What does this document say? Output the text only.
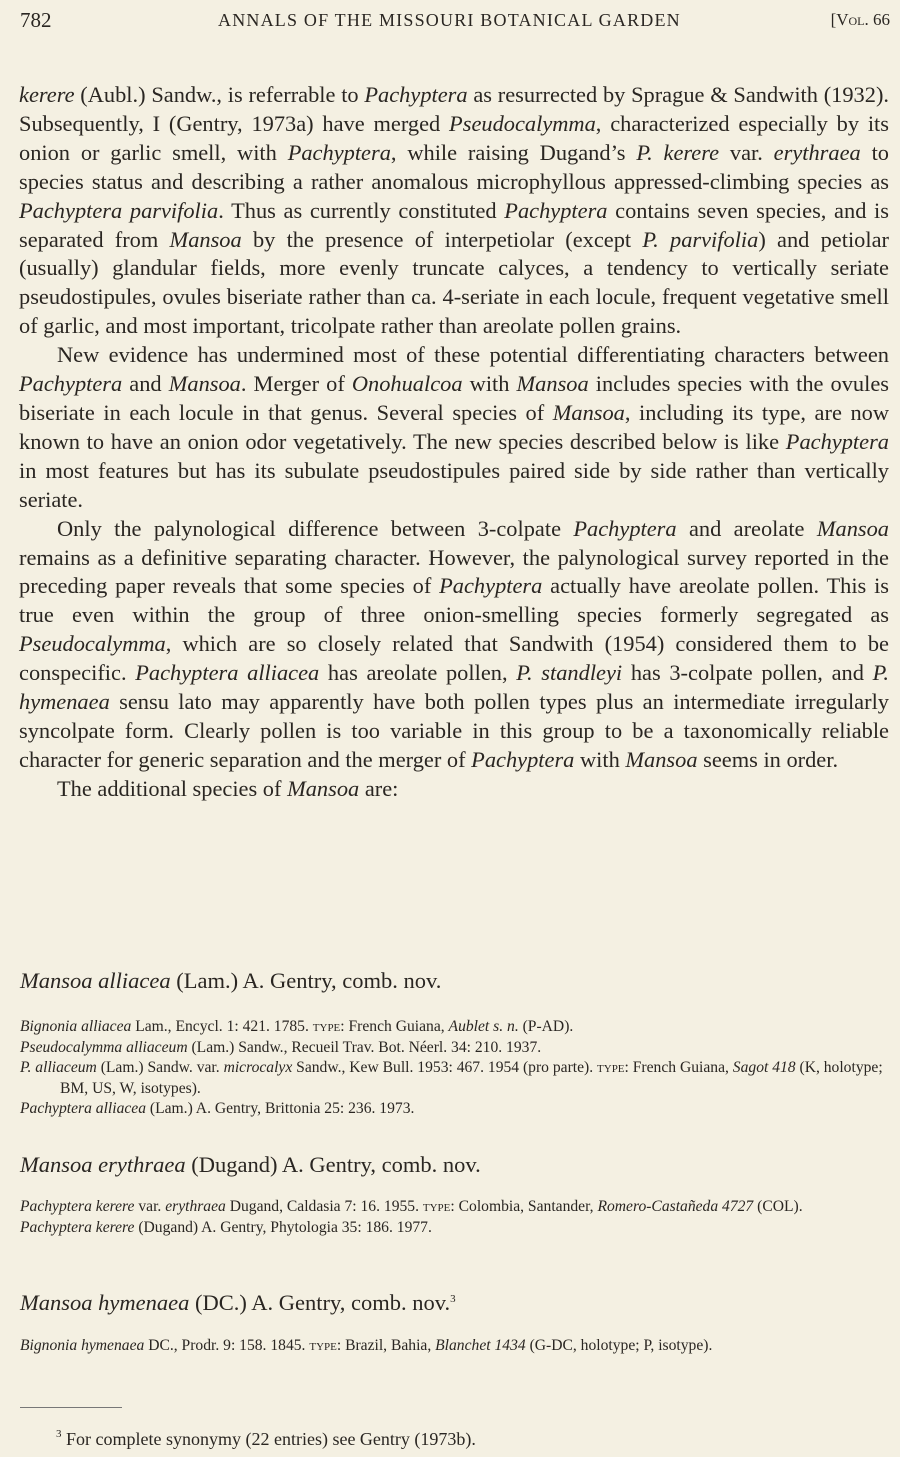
782	ANNALS OF THE MISSOURI BOTANICAL GARDEN	[Vol. 66

kerere (Aubl.) Sandw., is referrable to Pachyptera as resurrected by Sprague & Sandwith (1932). Subsequently, I (Gentry, 1973a) have merged Pseudocalymma, characterized especially by its onion or garlic smell, with Pachyptera, while raising Dugand’s P. kerere var. erythraea to species status and describing a rather anomalous microphyllous appressed-climbing species as Pachyptera parvifolia. Thus as currently constituted Pachyptera contains seven species, and is separated from Mansoa by the presence of interpetiolar (except P. parvifolia) and petiolar (usually) glandular fields, more evenly truncate calyces, a tendency to vertically seriate pseudostipules, ovules biseriate rather than ca. 4-seriate in each locule, frequent vegetative smell of garlic, and most important, tricolpate rather than areolate pollen grains.

New evidence has undermined most of these potential differentiating characters between Pachyptera and Mansoa. Merger of Onohualcoa with Mansoa includes species with the ovules biseriate in each locule in that genus. Several species of Mansoa, including its type, are now known to have an onion odor vegetatively. The new species described below is like Pachyptera in most features but has its subulate pseudostipules paired side by side rather than vertically seriate.

Only the palynological difference between 3-colpate Pachyptera and areolate Mansoa remains as a definitive separating character. However, the palynological survey reported in the preceding paper reveals that some species of Pachyptera actually have areolate pollen. This is true even within the group of three onion-smelling species formerly segregated as Pseudocalymma, which are so closely related that Sandwith (1954) considered them to be conspecific. Pachyptera alliacea has areolate pollen, P. standleyi has 3-colpate pollen, and P. hymenaea sensu lato may apparently have both pollen types plus an intermediate irregularly syncolpate form. Clearly pollen is too variable in this group to be a taxonomically reliable character for generic separation and the merger of Pachyptera with Mansoa seems in order.

The additional species of Mansoa are:

Mansoa alliacea (Lam.) A. Gentry, comb. nov.
Bignonia alliacea Lam., Encycl. 1: 421. 1785. type: French Guiana, Aublet s. n. (P-AD).
Pseudocalymma alliaceum (Lam.) Sandw., Recueil Trav. Bot. Néerl. 34: 210. 1937.
P. alliaceum (Lam.) Sandw. var. microcalyx Sandw., Kew Bull. 1953: 467. 1954 (pro parte). type: French Guiana, Sagot 418 (K, holotype; BM, US, W, isotypes).
Pachyptera alliacea (Lam.) A. Gentry, Brittonia 25: 236. 1973.
Mansoa erythraea (Dugand) A. Gentry, comb. nov.
Pachyptera kerere var. erythraea Dugand, Caldasia 7: 16. 1955. type: Colombia, Santander, Romero-Castañeda 4727 (COL).
Pachyptera kerere (Dugand) A. Gentry, Phytologia 35: 186. 1977.
Mansoa hymenaea (DC.) A. Gentry, comb. nov.$^3$
Bignonia hymenaea DC., Prodr. 9: 158. 1845. type: Brazil, Bahia, Blanchet 1434 (G-DC, holotype; P, isotype).
$^3$ For complete synonymy (22 entries) see Gentry (1973b).
